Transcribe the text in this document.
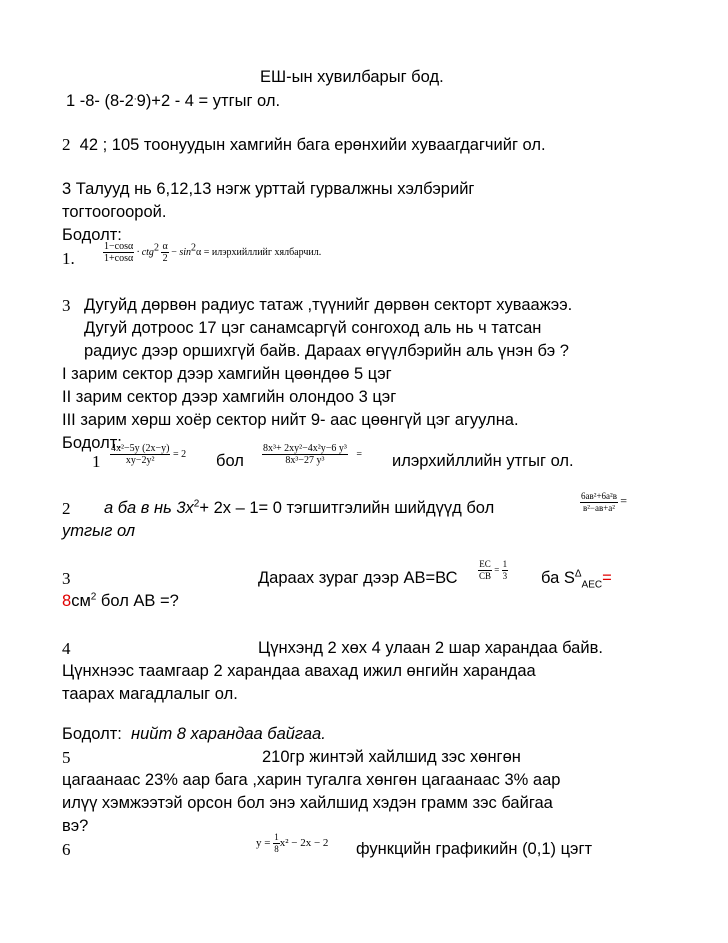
ЕШ-ын хувилбарыг бод.
1 -8- (8-2.9)+2 - 4 = утгыг ол.
2 42 ; 105 тоонуудын хамгийн бага ерөнхийи хуваагдагчийг ол.
3 Талууд нь 6,12,13 нэгж урттай гурвалжны хэлбэрийг
тогтоогоорой.
Бодолт:
1.	$\frac{1-\cos\alpha}{1+\cos\alpha} \cdot ctg^2 \frac{\alpha}{2} - \sin^2\alpha$ = илэрхийллийг хялбарчил.
3 Дугуйд дөрвөн радиус татаж ,түүнийг дөрвөн секторт хуваажээ.
Дугуй дотроос 17 цэг санамсаргүй сонгоход аль нь ч татсан
радиус дээр оршихгүй байв. Дараах өгүүлбэрийн аль үнэн бэ ?
I зарим сектор дээр хамгийн цөөндөө 5 цэг
II зарим сектор дээр хамгийн олондоо 3 цэг
III зарим хөрш хоёр сектор нийт 9- аас цөөнгүй цэг агуулна.
Бодолт:
$1 \frac{\text{4x²−5y (2x−y)}}{\text{xy−2y²}} = 2$ бол $\frac{\text{8x³+ 2xy²−4x²y−6 y³}}{\text{8x³−27 y³}}$ = илэрхийллийн утгыг ол.
2 a ба в нь $3x^2+ 2x - 1= 0$ тэгшитгэлийн шийдүүд бол
6ав²+6а²в
в²−ав+а²
=
утгыг ол
3	Дараах зураг дээр $АВ=ВС \frac{EC}{CB} = \frac{1}{3}$ ба $S^\Delta_{AEC}=$
$8см^2$ бол АВ =?
4	Цүнхэнд 2 хөх 4 улаан 2 шар харандаа байв.
Цүнхнээс таамгаар 2 харандаа авахад ижил өнгийн харандаа
таарах магадлалыг ол.
Бодолт: нийт 8 харандаа байгаа.
5	210гр жинтэй хайлшид зэс хөнгөн
цагаанаас 23% аар бага ,харин тугалга хөнгөн цагаанаас 3% аар
илүү хэмжээтэй орсон бол энэ хайлшид хэдэн грамм зэс байгаа
вэ?
6	$y = \frac{1}{8} x^2 - 2x - 2$ функцийн графикийн (0,1) цэгт
